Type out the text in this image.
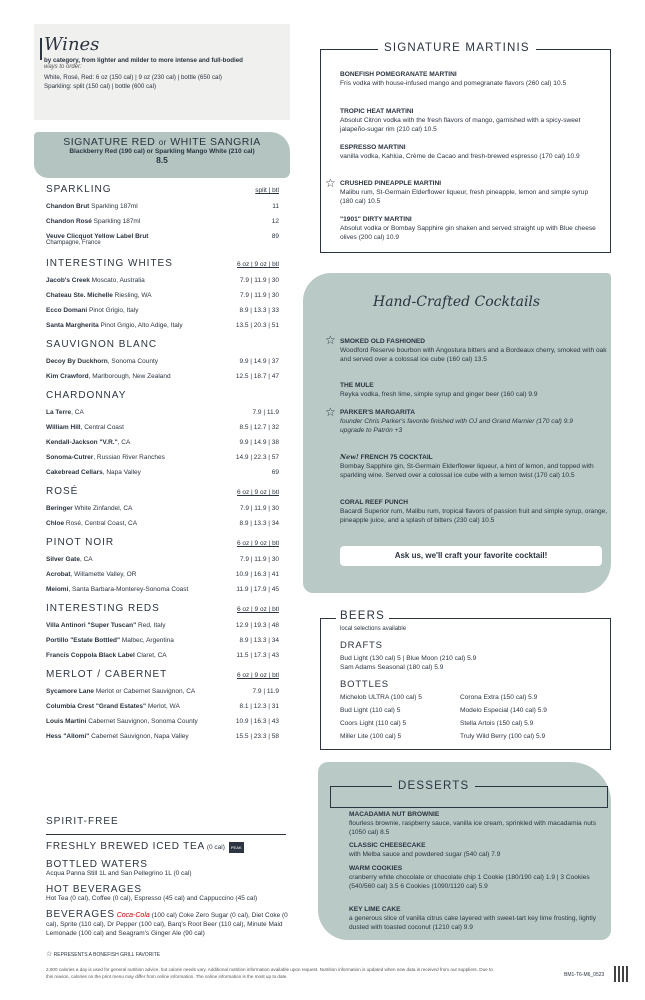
Wines
by category, from lighter and milder to more intense and full-bodied
ways to order:
White, Rosé, Red: 6 oz (150 cal) | 9 oz (230 cal) | bottle (650 cal)
Sparkling: split (150 cal) | bottle (600 cal)
SIGNATURE RED or WHITE SANGRIA
Blackberry Red (190 cal) or Sparkling Mango White (210 cal)
8.5
SPARKLING	split | btl
Chandon Brut Sparkling 187ml	11
Chandon Rosé Sparkling 187ml	12
Veuve Clicquot Yellow Label Brut
Champagne, France
89
INTERESTING WHITES	6 oz | 9 oz | btl
Jacob's Creek Moscato, Australia	7.9 | 11.9 | 30
Chateau Ste. Michelle Riesling, WA	7.9 | 11.9 | 30
Ecco Domani Pinot Grigio, Italy	8.9 | 13.3 | 33
Santa Margherita Pinot Grigio, Alto Adige, Italy	13.5 | 20.3 | 51
SAUVIGNON BLANC
Decoy By Duckhorn, Sonoma County	9.9 | 14.9 | 37
Kim Crawford, Marlborough, New Zealand	12.5 | 18.7 | 47
CHARDONNAY
La Terre, CA	7.9 | 11.9
William Hill, Central Coast	8.5 | 12.7 | 32
Kendall-Jackson "V.R.", CA	9.9 | 14.9 | 38
Sonoma-Cutrer, Russian River Ranches	14.9 | 22.3 | 57
Cakebread Cellars, Napa Valley	69
ROSÉ	6 oz | 9 oz | btl
Beringer White Zinfandel, CA	7.9 | 11.9 | 30
Chloe Rosé, Central Coast, CA	8.9 | 13.3 | 34
PINOT NOIR	6 oz | 9 oz | btl
Silver Gate, CA	7.9 | 11.9 | 30
Acrobat, Willamette Valley, OR	10.9 | 16.3 | 41
Meiomi, Santa Barbara-Monterey-Sonoma Coast	11.9 | 17.9 | 45
INTERESTING REDS	6 oz | 9 oz | btl
Villa Antinori "Super Tuscan" Red, Italy	12.9 | 19.3 | 48
Portillo "Estate Bottled" Malbec, Argentina	8.9 | 13.3 | 34
Francis Coppola Black Label Claret, CA	11.5 | 17.3 | 43
MERLOT / CABERNET	6 oz | 9 oz | btl
Sycamore Lane Merlot or Cabernet Sauvignon, CA	7.9 | 11.9
Columbia Crest "Grand Estates" Merlot, WA	8.1 | 12.3 | 31
Louis Martini Cabernet Sauvignon, Sonoma County	10.9 | 16.3 | 43
Hess "Allomi" Cabernet Sauvignon, Napa Valley	15.5 | 23.3 | 58
SPIRIT-FREE
FRESHLY BREWED ICED TEA (0 cal) PEAK
BOTTLED WATERS
Acqua Panna Still 1L and San Pellegrino 1L (0 cal)
HOT BEVERAGES
Hot Tea (0 cal), Coffee (0 cal), Espresso (45 cal) and Cappuccino (45 cal)
BEVERAGES Coca-Cola (100 cal) Coke Zero Sugar (0 cal), Diet Coke (0 cal), Sprite (110 cal), Dr Pepper (100 cal), Barq's Root Beer (110 cal), Minute Maid Lemonade (100 cal) and Seagram's Ginger Ale (90 cal)
☆ REPRESENTS A BONEFISH GRILL FAVORITE
2,000 calories a day is used for general nutrition advice, but calorie needs vary. Additional nutrition information available upon request. Nutrition information is updated when new data is received from our suppliers. Due to this reason, calories on the print menu may differ from online information. The online information is the most up to date.	BM1-T6-M6_0523
SIGNATURE MARTINIS
BONEFISH POMEGRANATE MARTINI
Fris vodka with house-infused mango and pomegranate flavors (260 cal) 10.5
TROPIC HEAT MARTINI
Absolut Citron vodka with the fresh flavors of mango, garnished with a spicy-sweet jalapeño-sugar rim (210 cal) 10.5
ESPRESSO MARTINI
vanilla vodka, Kahlúa, Crème de Cacao and fresh-brewed espresso (170 cal) 10.9
☆ CRUSHED PINEAPPLE MARTINI
Malibu rum, St-Germain Elderflower liqueur, fresh pineapple, lemon and simple syrup (180 cal) 10.5
"1901" DIRTY MARTINI
Absolut vodka or Bombay Sapphire gin shaken and served straight up with Blue cheese olives (200 cal) 10.9
Hand-Crafted Cocktails
☆ SMOKED OLD FASHIONED
Woodford Reserve bourbon with Angostura bitters and a Bordeaux cherry, smoked with oak and served over a colossal ice cube (160 cal) 13.5
THE MULE
Reyka vodka, fresh lime, simple syrup and ginger beer (160 cal) 9.9
☆ PARKER'S MARGARITA
founder Chris Parker's favorite finished with OJ and Grand Marnier (170 cal) 9.9
upgrade to Patrón +3
New! FRENCH 75 COCKTAIL
Bombay Sapphire gin, St-Germain Elderflower liqueur, a hint of lemon, and topped with sparkling wine. Served over a colossal ice cube with a lemon twist (170 cal) 10.5
CORAL REEF PUNCH
Bacardi Superior rum, Malibu rum, tropical flavors of passion fruit and simple syrup, orange, pineapple juice, and a splash of bitters (230 cal) 10.5
Ask us, we'll craft your favorite cocktail!
BEERS
local selections available
DRAFTS
Bud Light (130 cal) 5 | Blue Moon (210 cal) 5.9
Sam Adams Seasonal (180 cal) 5.9
BOTTLES
Michelob ULTRA (100 cal) 5
Bud Light (110 cal) 5
Coors Light (110 cal) 5
Miller Lite (100 cal) 5
Corona Extra (150 cal) 5.9
Modelo Especial (140 cal) 5.9
Stella Artois (150 cal) 5.9
Truly Wild Berry (100 cal) 5.9
DESSERTS
MACADAMIA NUT BROWNIE
flourless brownie, raspberry sauce, vanilla ice cream, sprinkled with macadamia nuts (1050 cal) 8.5
CLASSIC CHEESECAKE
with Melba sauce and powdered sugar (540 cal) 7.9
WARM COOKIES
cranberry white chocolate or chocolate chip 1 Cookie (180/190 cal) 1.9 | 3 Cookies (540/560 cal) 3.5 6 Cookies (1090/1120 cal) 5.9
KEY LIME CAKE
a generous slice of vanilla citrus cake layered with sweet-tart key lime frosting, lightly dusted with toasted coconut (1210 cal) 9.9
